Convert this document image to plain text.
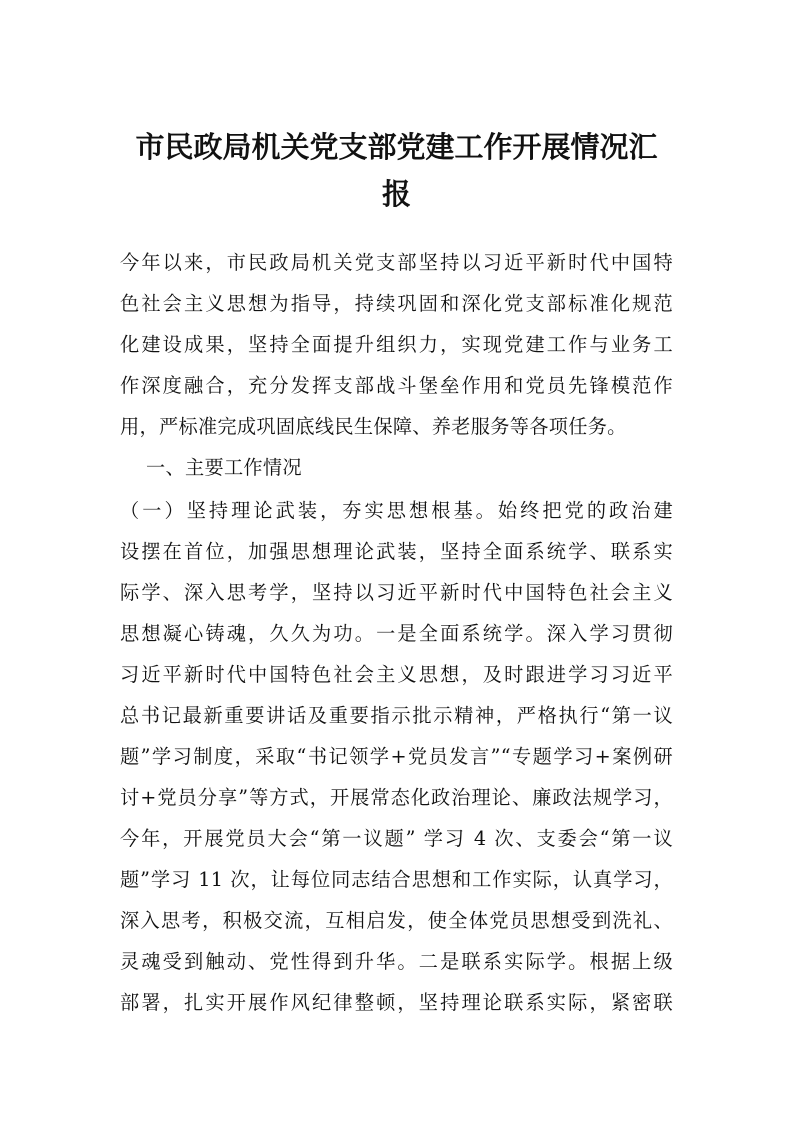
市民政局机关党支部党建工作开展情况汇
报

今年以来，市民政局机关党支部坚持以习近平新时代中国特

色社会主义思想为指导，持续巩固和深化党支部标准化规范

化建设成果，坚持全面提升组织力，实现党建工作与业务工

作深度融合，充分发挥支部战斗堡垒作用和党员先锋模范作

用，严标准完成巩固底线民生保障、养老服务等各项任务。

一、主要工作情况

（一）坚持理论武装，夯实思想根基。始终把党的政治建

设摆在首位，加强思想理论武装，坚持全面系统学、联系实

际学、深入思考学，坚持以习近平新时代中国特色社会主义

思想凝心铸魂，久久为功。一是全面系统学。深入学习贯彻

习近平新时代中国特色社会主义思想，及时跟进学习习近平

总书记最新重要讲话及重要指示批示精神，严格执行“第一议

题”学习制度，采取“书记领学+党员发言”“专题学习+案例研

讨+党员分享”等方式，开展常态化政治理论、廉政法规学习，

今年，开展党员大会“第一议题” 学习 4 次、支委会“第一议

题”学习 11 次，让每位同志结合思想和工作实际，认真学习，

深入思考，积极交流，互相启发，使全体党员思想受到洗礼、

灵魂受到触动、党性得到升华。二是联系实际学。根据上级

部署，扎实开展作风纪律整顿，坚持理论联系实际，紧密联
